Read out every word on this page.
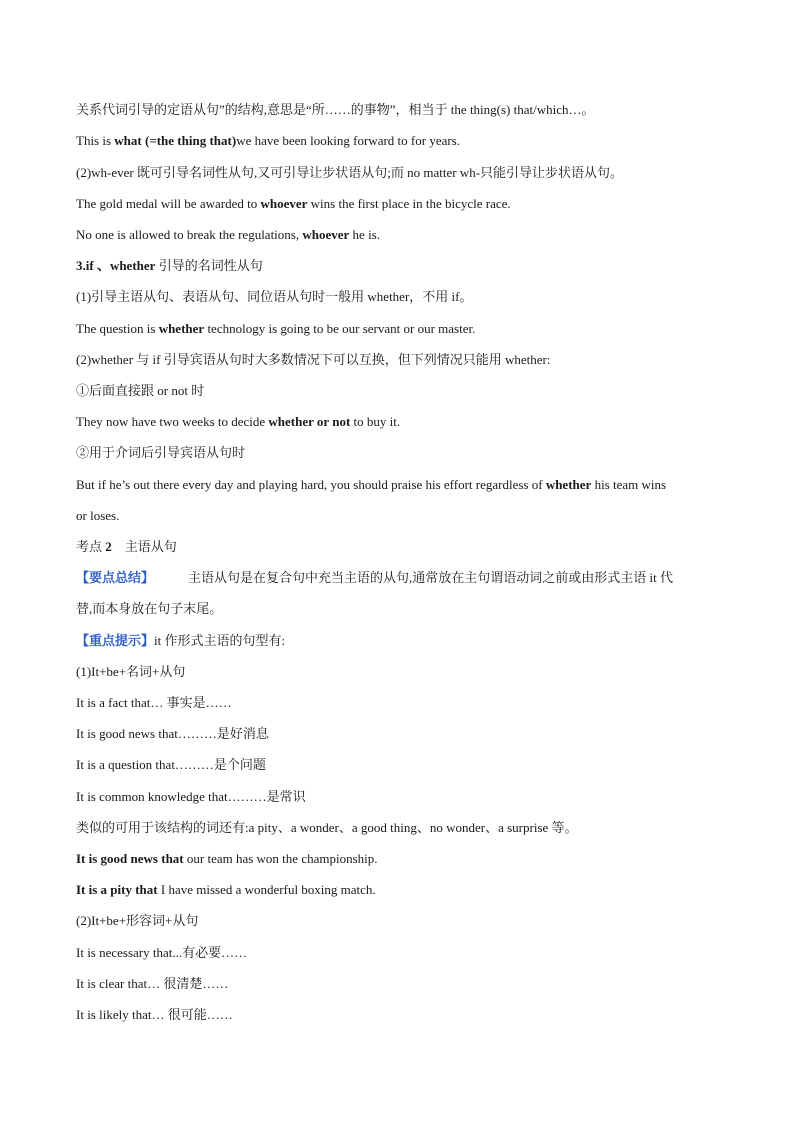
关系代词引导的定语从句”的结构,意思是“所……的事物”，相当于 the thing(s) that/which…。
This is what (=the thing that)we have been looking forward to for years.
(2)wh-ever 既可引导名词性从句,又可引导让步状语从句;而 no matter wh-只能引导让步状语从句。
The gold medal will be awarded to whoever wins the first place in the bicycle race.
No one is allowed to break the regulations, whoever he is.
3.if 、whether 引导的名词性从句
(1)引导主语从句、表语从句、同位语从句时一般用 whether，不用 if。
The question is whether technology is going to be our servant or our master.
(2)whether 与 if 引导宾语从句时大多数情况下可以互换，但下列情况只能用 whether:
①后面直接跟 or not 时
They now have two weeks to decide whether or not to buy it.
②用于介词后引导宾语从句时
But if he’s out there every day and playing hard, you should praise his effort regardless of whether his team wins
or loses.
考点 2　主语从句
【要点总结】	主语从句是在复合句中充当主语的从句,通常放在主句谓语动词之前或由形式主语 it 代
替,而本身放在句子末尾。
【重点提示】it 作形式主语的句型有:
(1)It+be+名词+从句
It is a fact that… 事实是……
It is good news that………是好消息
It is a question that………是个问题
It is common knowledge that………是常识
类似的可用于该结构的词还有:a pity、a wonder、a good thing、no wonder、a surprise 等。
It is good news that our team has won the championship.
It is a pity that I have missed a wonderful boxing match.
(2)It+be+形容词+从句
It is necessary that...有必要……
It is clear that… 很清楚……
It is likely that… 很可能……
